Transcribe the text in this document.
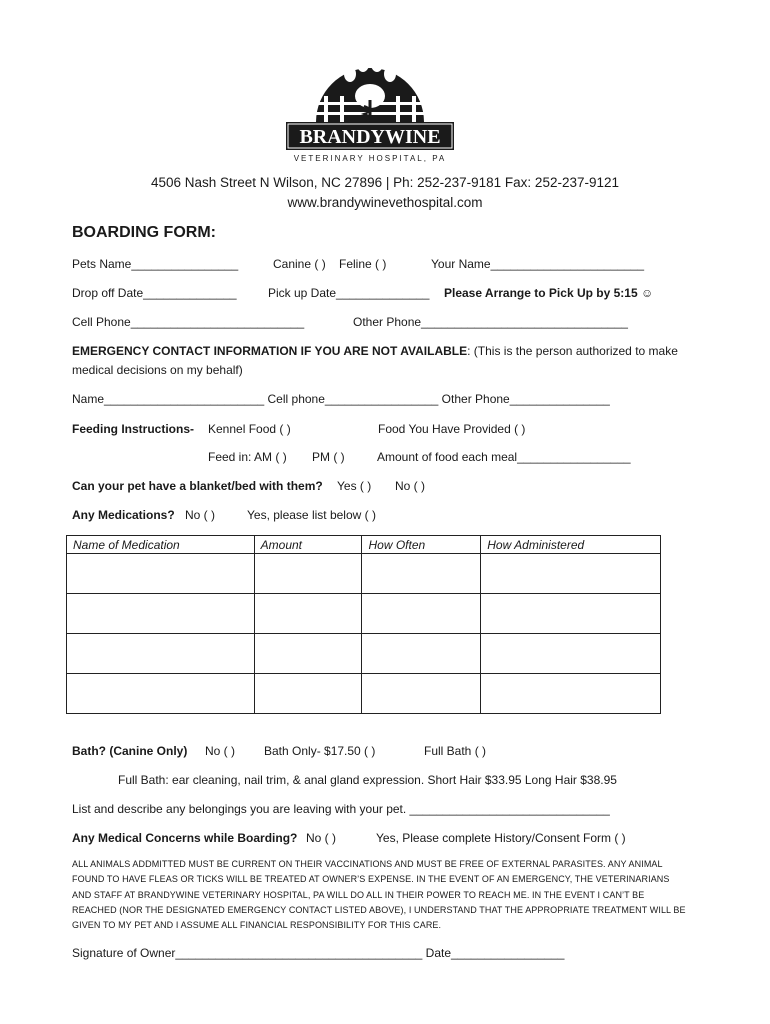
BRANDYWINE
VETERINARY HOSPITAL, PA
4506 Nash Street N Wilson, NC 27896 | Ph: 252-237-9181 Fax: 252-237-9121
www.brandywinevethospital.com
BOARDING FORM:
Pets Name________________	Canine ( ) Feline ( )	Your Name_______________________
Drop off Date______________	Pick up Date______________ Please Arrange to Pick Up by 5:15 ☺
Cell Phone__________________________	Other Phone_______________________________
EMERGENCY CONTACT INFORMATION IF YOU ARE NOT AVAILABLE: (This is the person authorized to make
medical decisions on my behalf)
Name________________________ Cell phone_________________ Other Phone_______________
Feeding Instructions- Kennel Food ( )	Food You Have Provided ( )
Feed in: AM ( ) PM ( )	Amount of food each meal_________________
Can your pet have a blanket/bed with them? Yes ( ) No ( )
Any Medications? No ( )	Yes, please list below ( )
Name of Medication	Amount	How Often	How Administered

Bath? (Canine Only) No ( ) Bath Only- $17.50 ( )	Full Bath ( )
Full Bath: ear cleaning, nail trim, & anal gland expression. Short Hair $33.95 Long Hair $38.95
List and describe any belongings you are leaving with your pet. ______________________________
Any Medical Concerns while Boarding? No ( )	Yes, Please complete History/Consent Form ( )
ALL ANIMALS ADDMITTED MUST BE CURRENT ON THEIR VACCINATIONS AND MUST BE FREE OF EXTERNAL PARASITES. ANY ANIMAL
FOUND TO HAVE FLEAS OR TICKS WILL BE TREATED AT OWNER’S EXPENSE. IN THE EVENT OF AN EMERGENCY, THE VETERINARIANS
AND STAFF AT BRANDYWINE VETERINARY HOSPITAL, PA WILL DO ALL IN THEIR POWER TO REACH ME. IN THE EVENT I CAN’T BE
REACHED (NOR THE DESIGNATED EMERGENCY CONTACT LISTED ABOVE), I UNDERSTAND THAT THE APPROPRIATE TREATMENT WILL BE
GIVEN TO MY PET AND I ASSUME ALL FINANCIAL RESPONSIBILITY FOR THIS CARE.
Signature of Owner_____________________________________ Date_________________
